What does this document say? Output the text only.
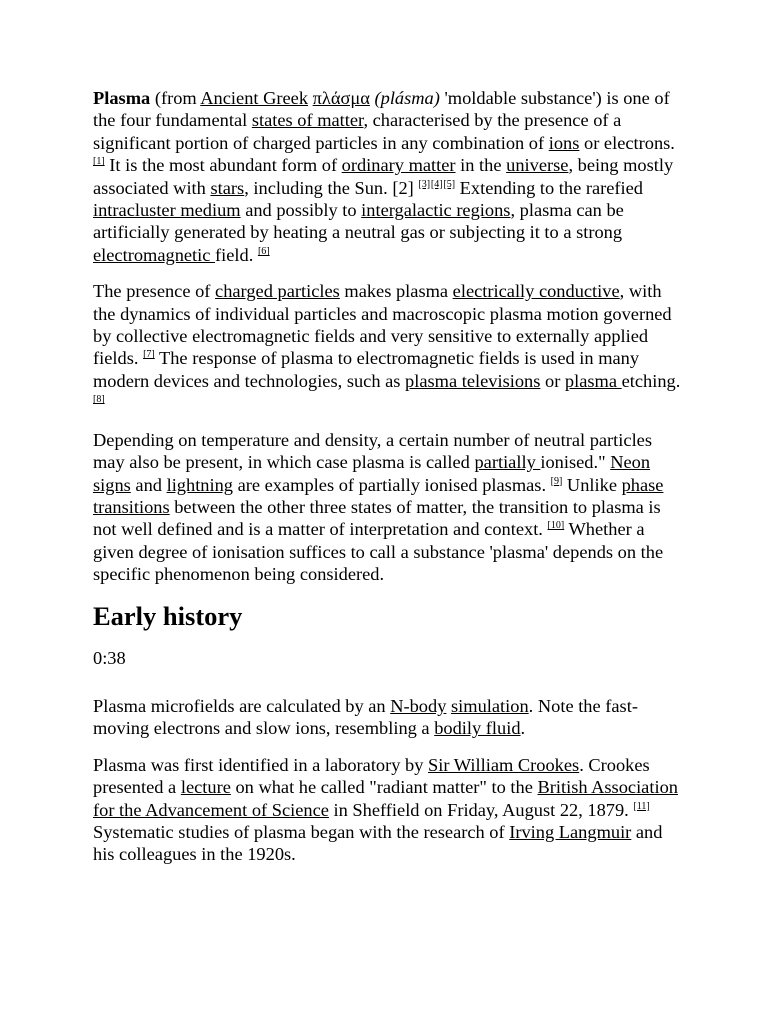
Plasma (from Ancient Greek πλάσμα (plásma) 'moldable substance') is one of the four fundamental states of matter, characterised by the presence of a significant portion of charged particles in any combination of ions or electrons. [1] It is the most abundant form of ordinary matter in the universe, being mostly associated with stars, including the Sun. [2] [3] [4] [5] Extending to the rarefied intracluster medium and possibly to intergalactic regions, plasma can be artificially generated by heating a neutral gas or subjecting it to a strong electromagnetic field. [6]

The presence of charged particles makes plasma electrically conductive, with the dynamics of individual particles and macroscopic plasma motion governed by collective electromagnetic fields and very sensitive to externally applied fields. [7] The response of plasma to electromagnetic fields is used in many modern devices and technologies, such as plasma televisions or plasma etching. [8]

Depending on temperature and density, a certain number of neutral particles may also be present, in which case plasma is called partially ionised." Neon signs and lightning are examples of partially ionised plasmas. [9] Unlike phase transitions between the other three states of matter, the transition to plasma is not well defined and is a matter of interpretation and context. [10] Whether a given degree of ionisation suffices to call a substance 'plasma' depends on the specific phenomenon being considered.

Early history

0:38

Plasma microfields are calculated by an N-body simulation. Note the fast-moving electrons and slow ions, resembling a bodily fluid.

Plasma was first identified in a laboratory by Sir William Crookes. Crookes presented a lecture on what he called "radiant matter" to the British Association for the Advancement of Science in Sheffield on Friday, August 22, 1879. [11] Systematic studies of plasma began with the research of Irving Langmuir and his colleagues in the 1920s.
